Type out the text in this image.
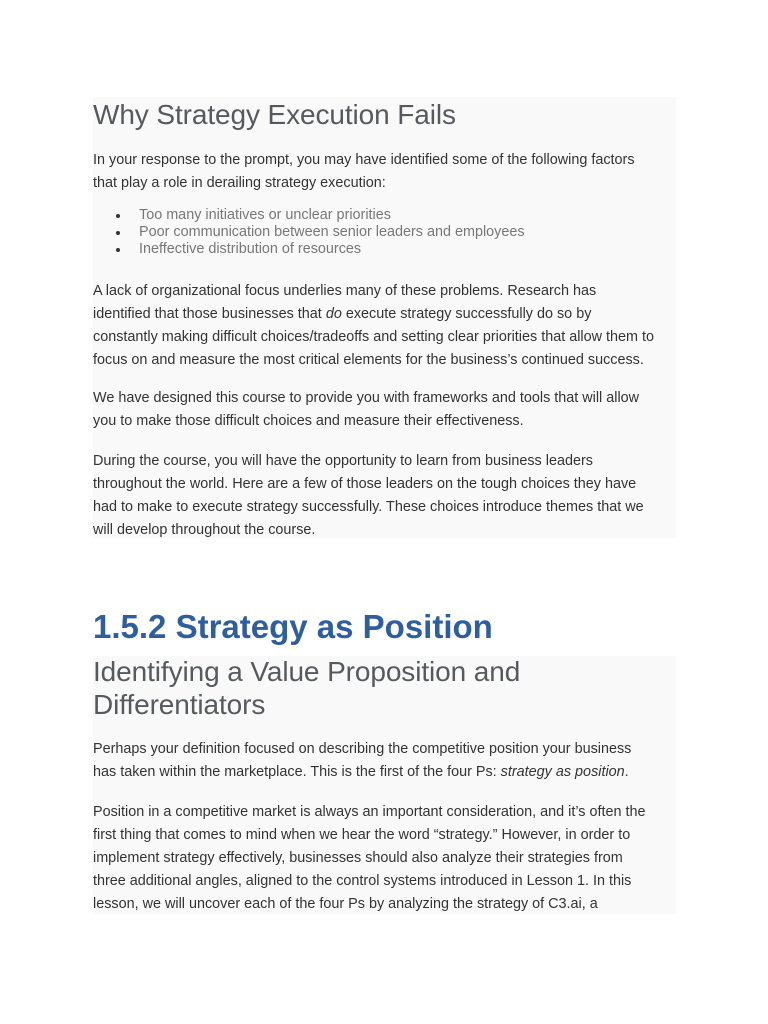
Why Strategy Execution Fails

In your response to the prompt, you may have identified some of the following factors
that play a role in derailing strategy execution:

Too many initiatives or unclear priorities
Poor communication between senior leaders and employees
Ineffective distribution of resources

A lack of organizational focus underlies many of these problems. Research has
identified that those businesses that do execute strategy successfully do so by
constantly making difficult choices/tradeoffs and setting clear priorities that allow them to
focus on and measure the most critical elements for the business’s continued success.

We have designed this course to provide you with frameworks and tools that will allow
you to make those difficult choices and measure their effectiveness.

During the course, you will have the opportunity to learn from business leaders
throughout the world. Here are a few of those leaders on the tough choices they have
had to make to execute strategy successfully. These choices introduce themes that we
will develop throughout the course.

1.5.2 Strategy as Position
Identifying a Value Proposition and
Differentiators

Perhaps your definition focused on describing the competitive position your business
has taken within the marketplace. This is the first of the four Ps: strategy as position.

Position in a competitive market is always an important consideration, and it’s often the
first thing that comes to mind when we hear the word “strategy.” However, in order to
implement strategy effectively, businesses should also analyze their strategies from
three additional angles, aligned to the control systems introduced in Lesson 1. In this
lesson, we will uncover each of the four Ps by analyzing the strategy of C3.ai, a
